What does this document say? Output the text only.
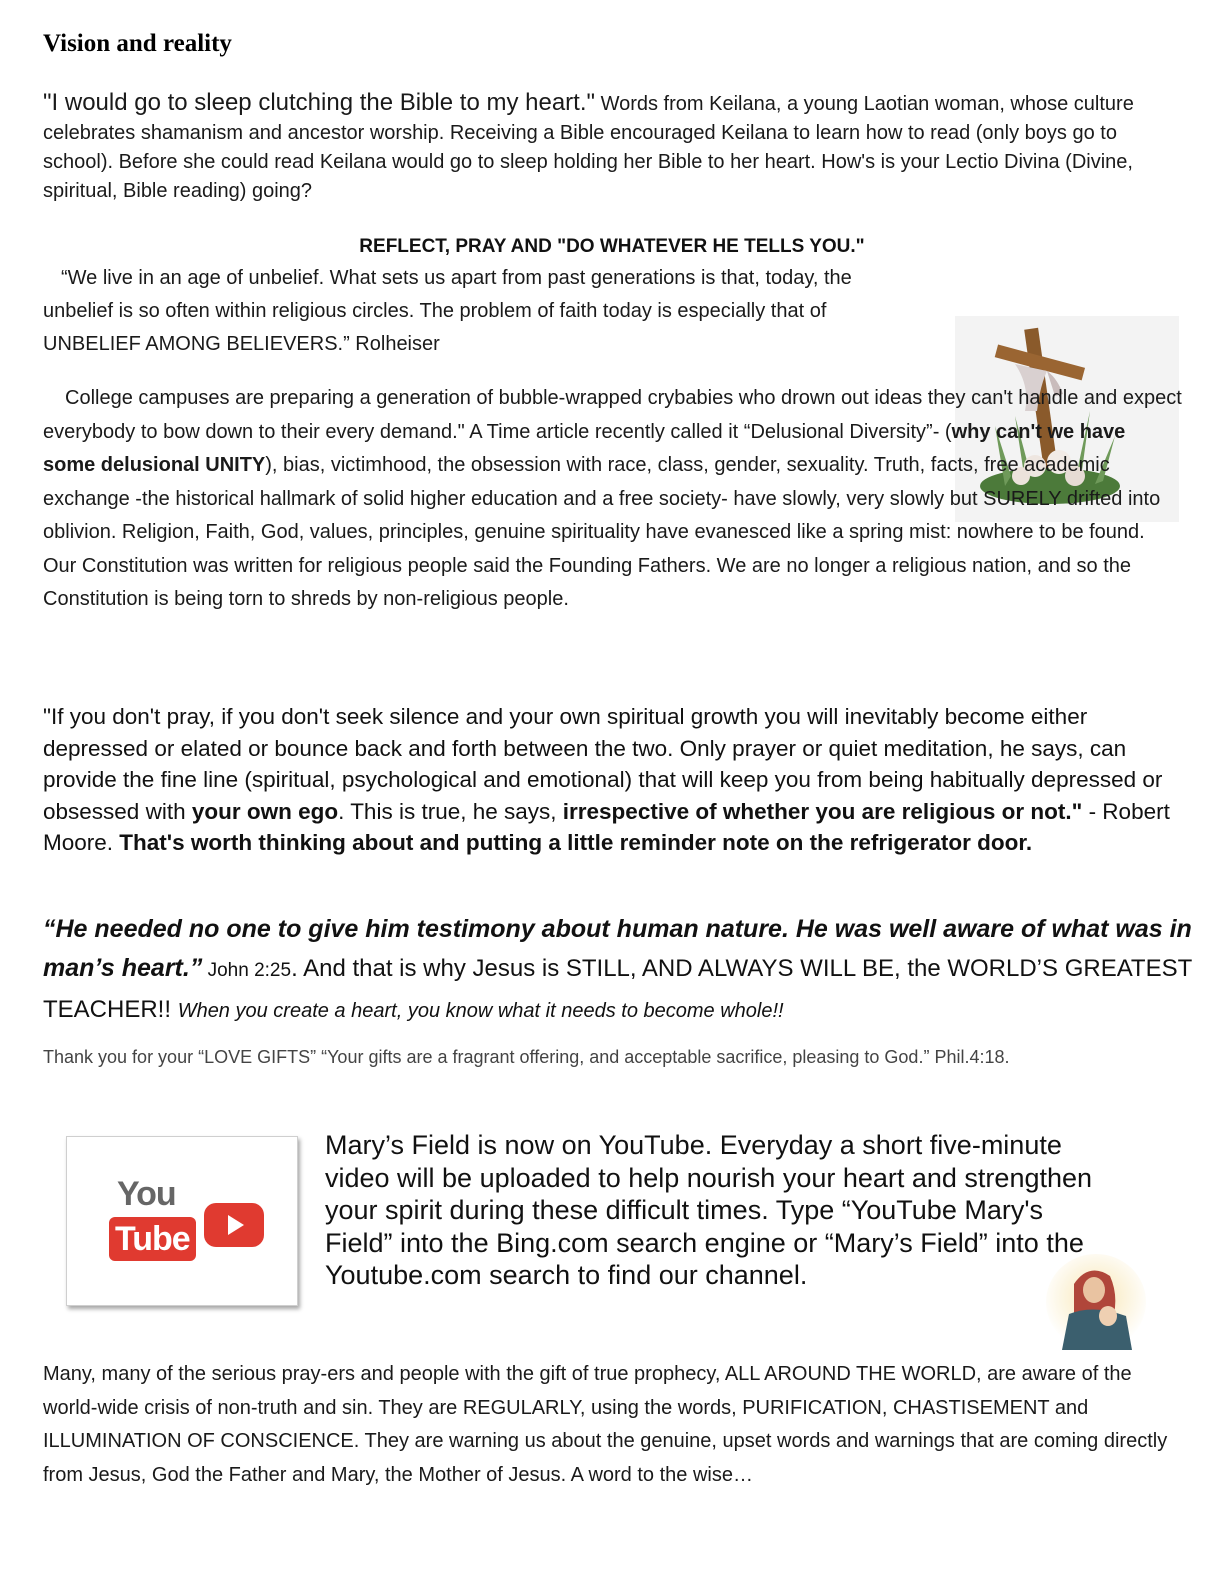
Vision and reality
"I would go to sleep clutching the Bible to my heart." Words from Keilana, a young Laotian woman, whose culture celebrates shamanism and ancestor worship. Receiving a Bible encouraged Keilana to learn how to read (only boys go to school). Before she could read Keilana would go to sleep holding her Bible to her heart. How's is your Lectio Divina (Divine, spiritual, Bible reading) going?
REFLECT, PRAY AND "DO WHATEVER HE TELLS YOU."
“We live in an age of unbelief. What sets us apart from past generations is that, today, the unbelief is so often within religious circles. The problem of faith today is especially that of UNBELIEF AMONG BELIEVERS.” Rolheiser
College campuses are preparing a generation of bubble-wrapped crybabies who drown out ideas they can't handle and expect everybody to bow down to their every demand." A Time article recently called it “Delusional Diversity”- (why can't we have some delusional UNITY), bias, victimhood, the obsession with race, class, gender, sexuality. Truth, facts, free academic exchange -the historical hallmark of solid higher education and a free society- have slowly, very slowly but SURELY drifted into oblivion. Religion, Faith, God, values, principles, genuine spirituality have evanesced like a spring mist: nowhere to be found. Our Constitution was written for religious people said the Founding Fathers. We are no longer a religious nation, and so the Constitution is being torn to shreds by non-religious people.
"If you don't pray, if you don't seek silence and your own spiritual growth you will inevitably become either depressed or elated or bounce back and forth between the two. Only prayer or quiet meditation, he says, can provide the fine line (spiritual, psychological and emotional) that will keep you from being habitually depressed or obsessed with your own ego. This is true, he says, irrespective of whether you are religious or not." - Robert Moore. That's worth thinking about and putting a little reminder note on the refrigerator door.
“He needed no one to give him testimony about human nature. He was well aware of what was in man’s heart.” John 2:25. And that is why Jesus is STILL, AND ALWAYS WILL BE, the WORLD’S GREATEST TEACHER!! When you create a heart, you know what it needs to become whole!!
Thank you for your “LOVE GIFTS” “Your gifts are a fragrant offering, and acceptable sacrifice, pleasing to God.” Phil.4:18.
You
Tube
Mary’s Field is now on YouTube. Everyday a short five-minute video will be uploaded to help nourish your heart and strengthen your spirit during these difficult times. Type “YouTube Mary's Field” into the Bing.com search engine or “Mary’s Field” into the Youtube.com search to find our channel.
Many, many of the serious pray-ers and people with the gift of true prophecy, ALL AROUND THE WORLD, are aware of the world-wide crisis of non-truth and sin. They are REGULARLY, using the words, PURIFICATION, CHASTISEMENT and ILLUMINATION OF CONSCIENCE. They are warning us about the genuine, upset words and warnings that are coming directly from Jesus, God the Father and Mary, the Mother of Jesus. A word to the wise…
